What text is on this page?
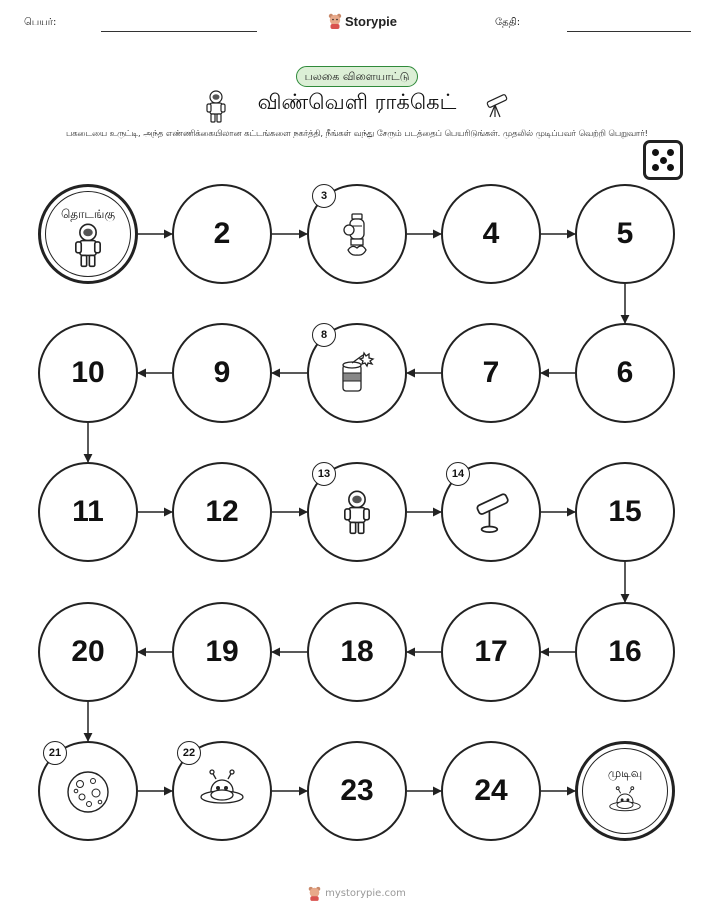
பெயர்:	Storypie	தேதி:
பலகை விளையாட்டு
விண்வெளி ராக்கெட்
பகடையை உருட்டி, அந்த எண்ணிக்கையிலான கட்டங்களை நகர்த்தி, நீங்கள் வந்து சேரும் படத்தைப் பெயரிடுங்கள். முதலில் முடிப்பவர் வெற்றி பெறுவார்!
தொடங்கு
2
3
4	5
6
7
8
9
10
11	12
13	14
15
16
17
18
19
20
21	22
23	24
முடிவு
mystorypie.com
